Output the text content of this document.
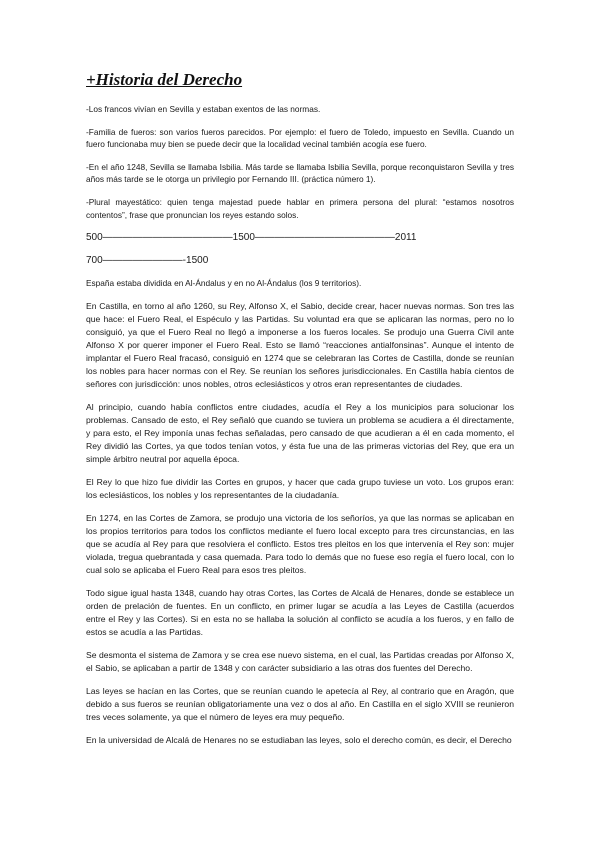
+Historia del Derecho

-Los francos vivían en Sevilla y estaban exentos de las normas.

-Familia de fueros: son varios fueros parecidos. Por ejemplo: el fuero de Toledo, impuesto en Sevilla. Cuando un fuero funcionaba muy bien se puede decir que la localidad vecinal también acogía ese fuero.

-En el año 1248, Sevilla se llamaba Isbilia. Más tarde se llamaba Isbilia Sevilla, porque reconquistaron Sevilla y tres años más tarde se le otorga un privilegio por Fernando III. (práctica número 1).

-Plural mayestático: quien tenga majestad puede hablar en primera persona del plural: “estamos nosotros contentos”, frase que pronuncian los reyes estando solos.

500—————————————1500——————————————2011
700————————-1500

España estaba dividida en Al-Ándalus y en no Al-Ándalus (los 9 territorios).

En Castilla, en torno al año 1260, su Rey, Alfonso X, el Sabio, decide crear, hacer nuevas normas. Son tres las que hace: el Fuero Real, el Espéculo y las Partidas. Su voluntad era que se aplicaran las normas, pero no lo consiguió, ya que el Fuero Real no llegó a imponerse a los fueros locales. Se produjo una Guerra Civil ante Alfonso X por querer imponer el Fuero Real. Esto se llamó “reacciones antialfonsinas”. Aunque el intento de implantar el Fuero Real fracasó, consiguió en 1274 que se celebraran las Cortes de Castilla, donde se reunían los nobles para hacer normas con el Rey. Se reunían los señores jurisdiccionales. En Castilla había cientos de señores con jurisdicción: unos nobles, otros eclesiásticos y otros eran representantes de ciudades.

Al principio, cuando había conflictos entre ciudades, acudía el Rey a los municipios para solucionar los problemas. Cansado de esto, el Rey señaló que cuando se tuviera un problema se acudiera a él directamente, y para esto, el Rey imponía unas fechas señaladas, pero cansado de que acudieran a él en cada momento, el Rey dividió las Cortes, ya que todos tenían votos, y ésta fue una de las primeras victorias del Rey, que era un simple árbitro neutral por aquella época.

El Rey lo que hizo fue dividir las Cortes en grupos, y hacer que cada grupo tuviese un voto. Los grupos eran: los eclesiásticos, los nobles y los representantes de la ciudadanía.

En 1274, en las Cortes de Zamora, se produjo una victoria de los señoríos, ya que las normas se aplicaban en los propios territorios para todos los conflictos mediante el fuero local excepto para tres circunstancias, en las que se acudía al Rey para que resolviera el conflicto. Estos tres pleitos en los que intervenía el Rey son: mujer violada, tregua quebrantada y casa quemada. Para todo lo demás que no fuese eso regía el fuero local, con lo cual solo se aplicaba el Fuero Real para esos tres pleitos.

Todo sigue igual hasta 1348, cuando hay otras Cortes, las Cortes de Alcalá de Henares, donde se establece un orden de prelación de fuentes. En un conflicto, en primer lugar se acudía a las Leyes de Castilla (acuerdos entre el Rey y las Cortes). Si en esta no se hallaba la solución al conflicto se acudía a los fueros, y en fallo de estos se acudía a las Partidas.

Se desmonta el sistema de Zamora y se crea ese nuevo sistema, en el cual, las Partidas creadas por Alfonso X, el Sabio, se aplicaban a partir de 1348 y con carácter subsidiario a las otras dos fuentes del Derecho.

Las leyes se hacían en las Cortes, que se reunían cuando le apetecía al Rey, al contrario que en Aragón, que debido a sus fueros se reunían obligatoriamente una vez o dos al año. En Castilla en el siglo XVIII se reunieron tres veces solamente, ya que el número de leyes era muy pequeño.

En la universidad de Alcalá de Henares no se estudiaban las leyes, solo el derecho común, es decir, el Derecho
